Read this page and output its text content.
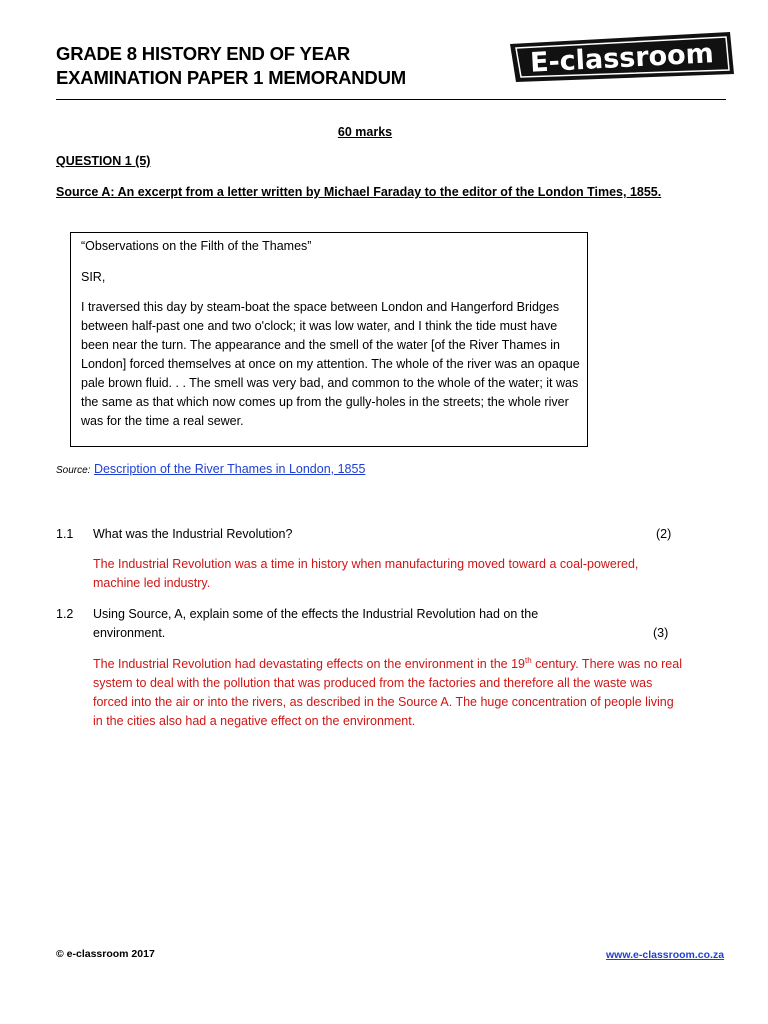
GRADE 8 HISTORY END OF YEAR
EXAMINATION PAPER 1 MEMORANDUM	E-classroom
60 marks
QUESTION 1 (5)
Source A: An excerpt from a letter written by Michael Faraday to the editor of the London Times, 1855.

“Observations on the Filth of the Thames”

SIR,

I traversed this day by steam-boat the space between London and Hangerford Bridges between half-past one and two o'clock; it was low water, and I think the tide must have been near the turn. The appearance and the smell of the water [of the River Thames in London] forced themselves at once on my attention. The whole of the river was an opaque pale brown fluid. . . The smell was very bad, and common to the whole of the water; it was the same as that which now comes up from the gully-holes in the streets; the whole river was for the time a real sewer.

Source: Description of the River Thames in London, 1855
1.1 What was the Industrial Revolution?	(2)
The Industrial Revolution was a time in history when manufacturing moved toward a coal-powered, machine led industry.
1.2 Using Source, A, explain some of the effects the Industrial Revolution had on the environment.	(3)
The Industrial Revolution had devastating effects on the environment in the 19th century. There was no real system to deal with the pollution that was produced from the factories and therefore all the waste was forced into the air or into the rivers, as described in the Source A. The huge concentration of people living in the cities also had a negative effect on the environment.
© e-classroom 2017	www.e-classroom.co.za
